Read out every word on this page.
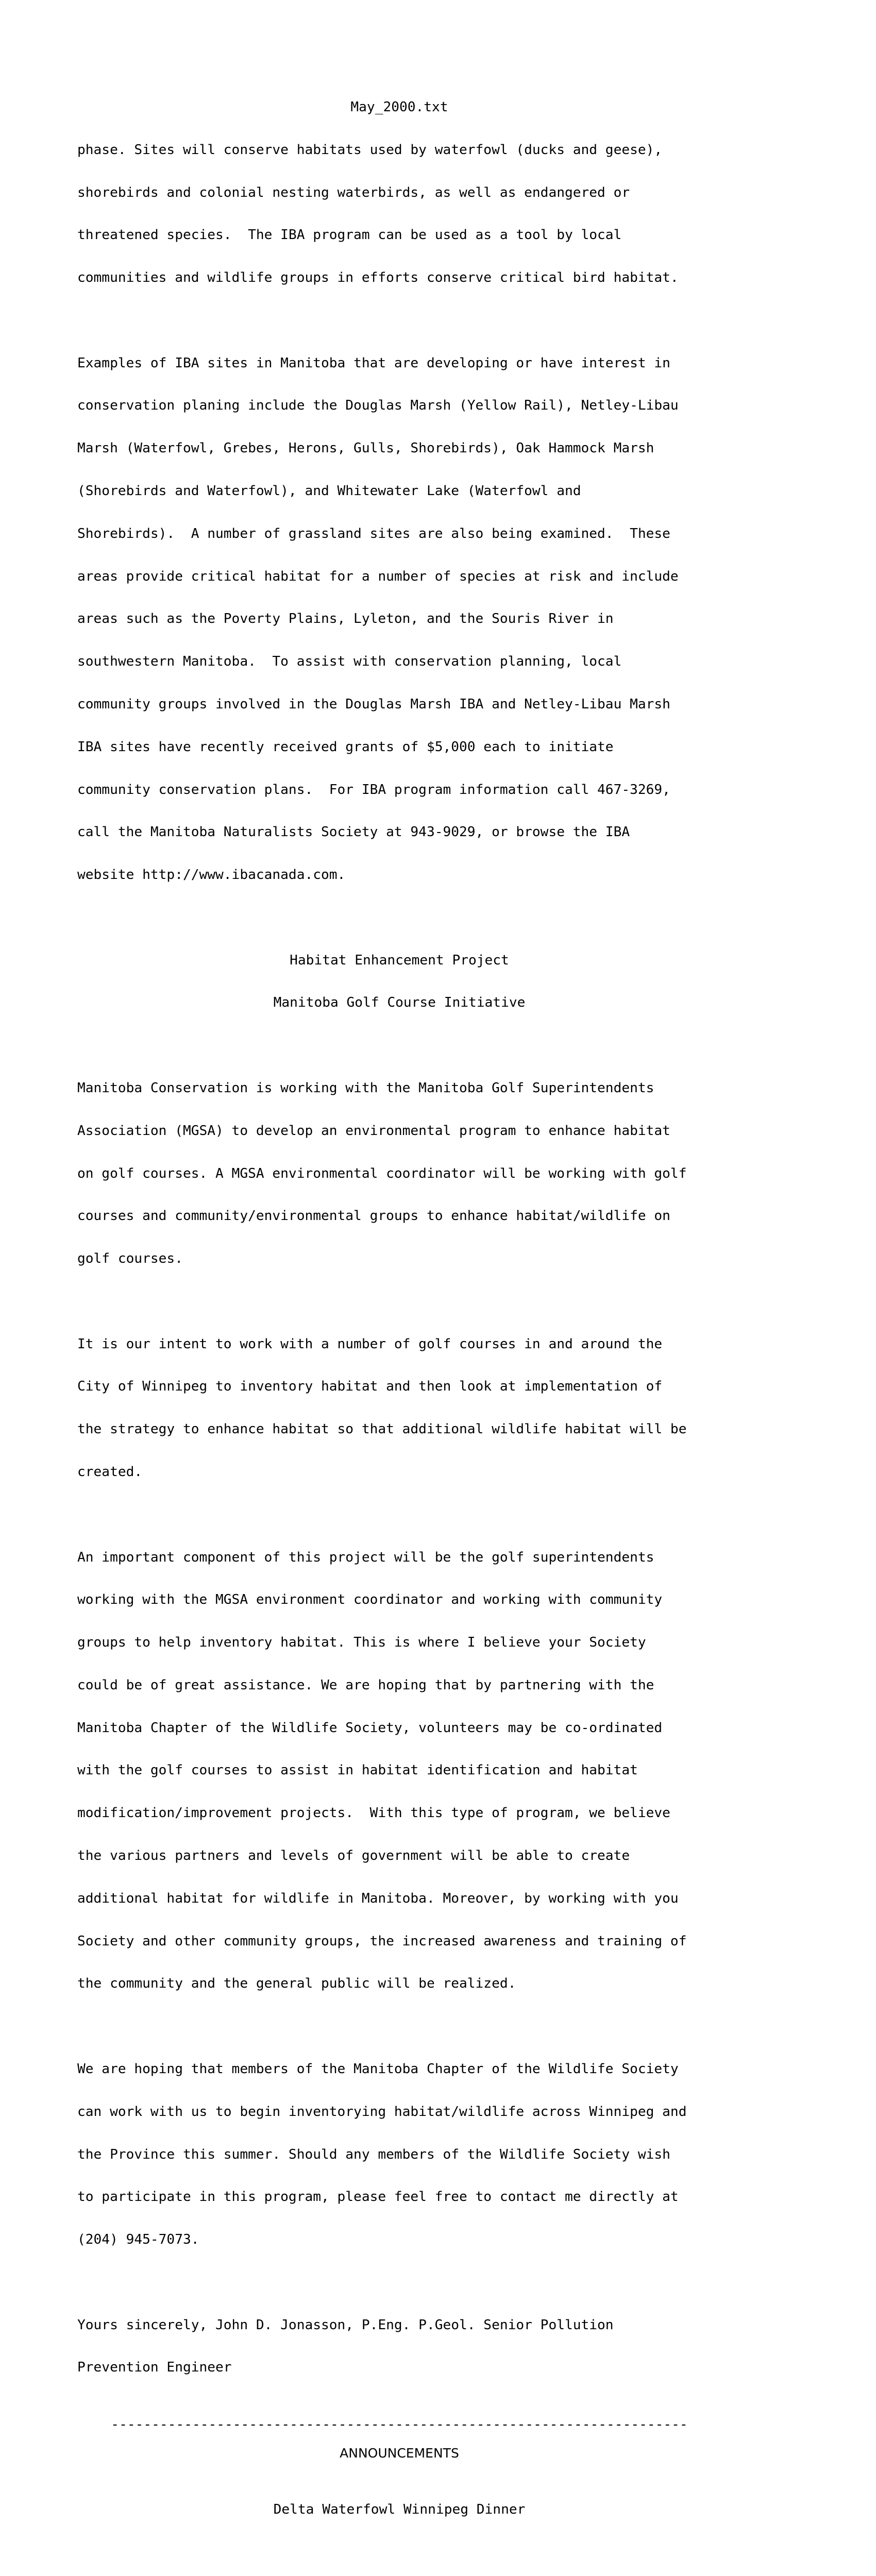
May_2000.txt

phase. Sites will conserve habitats used by waterfowl (ducks and geese),

shorebirds and colonial nesting waterbirds, as well as endangered or

threatened species.  The IBA program can be used as a tool by local

communities and wildlife groups in efforts conserve critical bird habitat.

Examples of IBA sites in Manitoba that are developing or have interest in

conservation planing include the Douglas Marsh (Yellow Rail), Netley-Libau

Marsh (Waterfowl, Grebes, Herons, Gulls, Shorebirds), Oak Hammock Marsh

(Shorebirds and Waterfowl), and Whitewater Lake (Waterfowl and

Shorebirds).  A number of grassland sites are also being examined.  These

areas provide critical habitat for a number of species at risk and include

areas such as the Poverty Plains, Lyleton, and the Souris River in

southwestern Manitoba.  To assist with conservation planning, local

community groups involved in the Douglas Marsh IBA and Netley-Libau Marsh

IBA sites have recently received grants of $5,000 each to initiate

community conservation plans.  For IBA program information call 467-3269,

call the Manitoba Naturalists Society at 943-9029, or browse the IBA

website http://www.ibacanada.com.

Habitat Enhancement Project

Manitoba Golf Course Initiative

Manitoba Conservation is working with the Manitoba Golf Superintendents

Association (MGSA) to develop an environmental program to enhance habitat

on golf courses. A MGSA environmental coordinator will be working with golf

courses and community/environmental groups to enhance habitat/wildlife on

golf courses.

It is our intent to work with a number of golf courses in and around the

City of Winnipeg to inventory habitat and then look at implementation of

the strategy to enhance habitat so that additional wildlife habitat will be

created.

An important component of this project will be the golf superintendents

working with the MGSA environment coordinator and working with community

groups to help inventory habitat. This is where I believe your Society

could be of great assistance. We are hoping that by partnering with the

Manitoba Chapter of the Wildlife Society, volunteers may be co-ordinated

with the golf courses to assist in habitat identification and habitat

modification/improvement projects.  With this type of program, we believe

the various partners and levels of government will be able to create

additional habitat for wildlife in Manitoba. Moreover, by working with you

Society and other community groups, the increased awareness and training of

the community and the general public will be realized.

We are hoping that members of the Manitoba Chapter of the Wildlife Society

can work with us to begin inventorying habitat/wildlife across Winnipeg and

the Province this summer. Should any members of the Wildlife Society wish

to participate in this program, please feel free to contact me directly at

(204) 945-7073.

Yours sincerely, John D. Jonasson, P.Eng. P.Geol. Senior Pollution

Prevention Engineer

-----------------------------------------------------------------------
ANNOUNCEMENTS

Delta Waterfowl Winnipeg Dinner
